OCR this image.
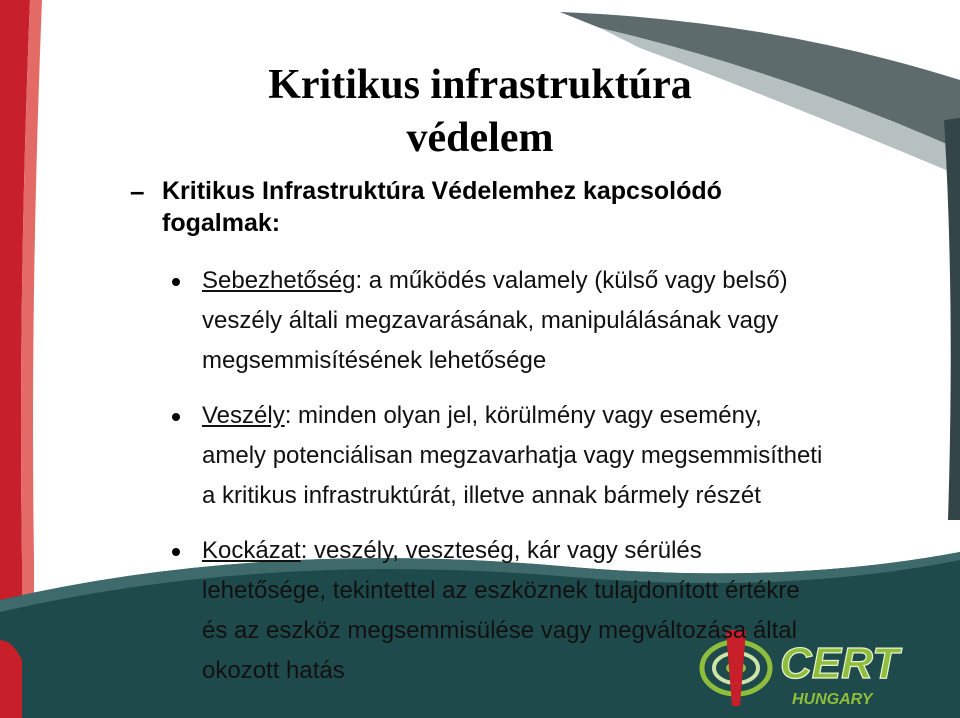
Kritikus infrastruktúra
védelem
– Kritikus Infrastruktúra Védelemhez kapcsolódó
fogalmak:
Sebezhetőség: a működés valamely (külső vagy belső)
veszély általi megzavarásának, manipulálásának vagy
megsemmisítésének lehetősége
Veszély: minden olyan jel, körülmény vagy esemény,
amely potenciálisan megzavarhatja vagy megsemmisítheti
a kritikus infrastruktúrát, illetve annak bármely részét
CERT
HUNGARY
Kockázat: veszély, veszteség, kár vagy sérülés
lehetősége, tekintettel az eszköznek tulajdonított értékre
és az eszköz megsemmisülése vagy megváltozása által
okozott hatás
